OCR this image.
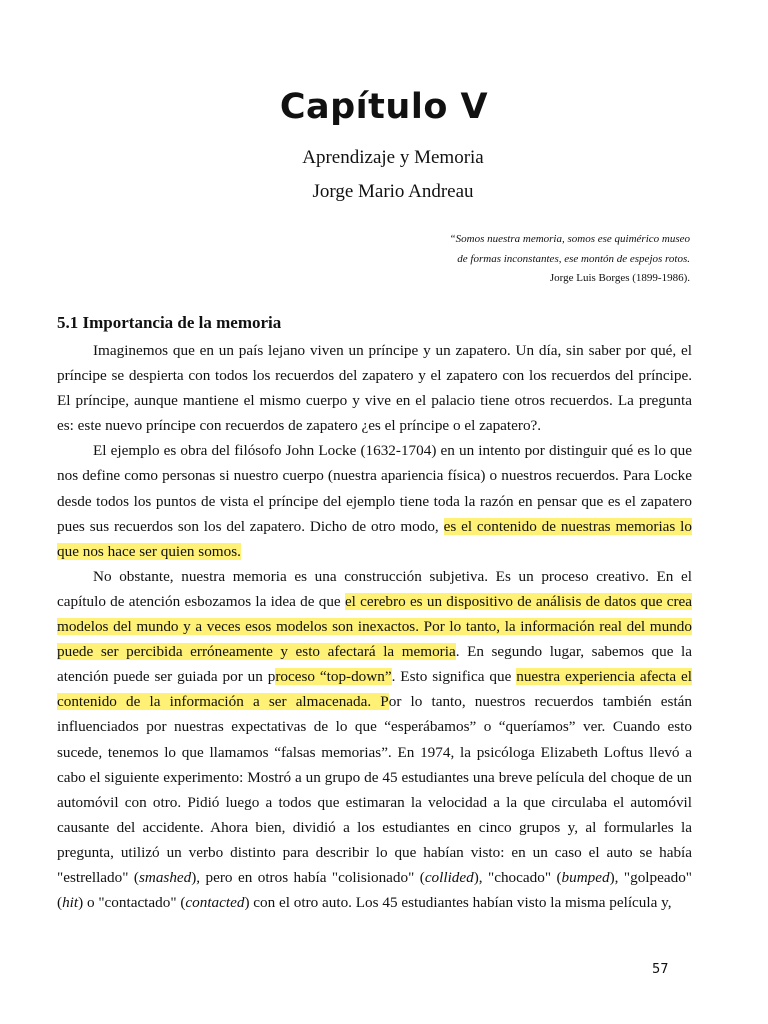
Capítulo V
Aprendizaje y Memoria
Jorge Mario Andreau
“Somos nuestra memoria, somos ese quimérico museo
de formas inconstantes, ese montón de espejos rotos.
Jorge Luis Borges (1899-1986).
5.1 Importancia de la memoria

Imaginemos que en un país lejano viven un príncipe y un zapatero. Un día, sin saber por qué, el príncipe se despierta con todos los recuerdos del zapatero y el zapatero con los recuerdos del príncipe. El príncipe, aunque mantiene el mismo cuerpo y vive en el palacio tiene otros recuerdos. La pregunta es: este nuevo príncipe con recuerdos de zapatero ¿es el príncipe o el zapatero?.

El ejemplo es obra del filósofo John Locke (1632-1704) en un intento por distinguir qué es lo que nos define como personas si nuestro cuerpo (nuestra apariencia física) o nuestros recuerdos. Para Locke desde todos los puntos de vista el príncipe del ejemplo tiene toda la razón en pensar que es el zapatero pues sus recuerdos son los del zapatero. Dicho de otro modo, es el contenido de nuestras memorias lo que nos hace ser quien somos.

No obstante, nuestra memoria es una construcción subjetiva. Es un proceso creativo. En el capítulo de atención esbozamos la idea de que el cerebro es un dispositivo de análisis de datos que crea modelos del mundo y a veces esos modelos son inexactos. Por lo tanto, la información real del mundo puede ser percibida erróneamente y esto afectará la memoria. En segundo lugar, sabemos que la atención puede ser guiada por un proceso “top-down”. Esto significa que nuestra experiencia afecta el contenido de la información a ser almacenada. Por lo tanto, nuestros recuerdos también están influenciados por nuestras expectativas de lo que “esperábamos” o “queríamos” ver. Cuando esto sucede, tenemos lo que llamamos “falsas memorias”. En 1974, la psicóloga Elizabeth Loftus llevó a cabo el siguiente experimento: Mostró a un grupo de 45 estudiantes una breve película del choque de un automóvil con otro. Pidió luego a todos que estimaran la velocidad a la que circulaba el automóvil causante del accidente. Ahora bien, dividió a los estudiantes en cinco grupos y, al formularles la pregunta, utilizó un verbo distinto para describir lo que habían visto: en un caso el auto se había "estrellado" (smashed), pero en otros había "colisionado" (collided), "chocado" (bumped), "golpeado" (hit) o "contactado" (contacted) con el otro auto. Los 45 estudiantes habían visto la misma película y,

57
